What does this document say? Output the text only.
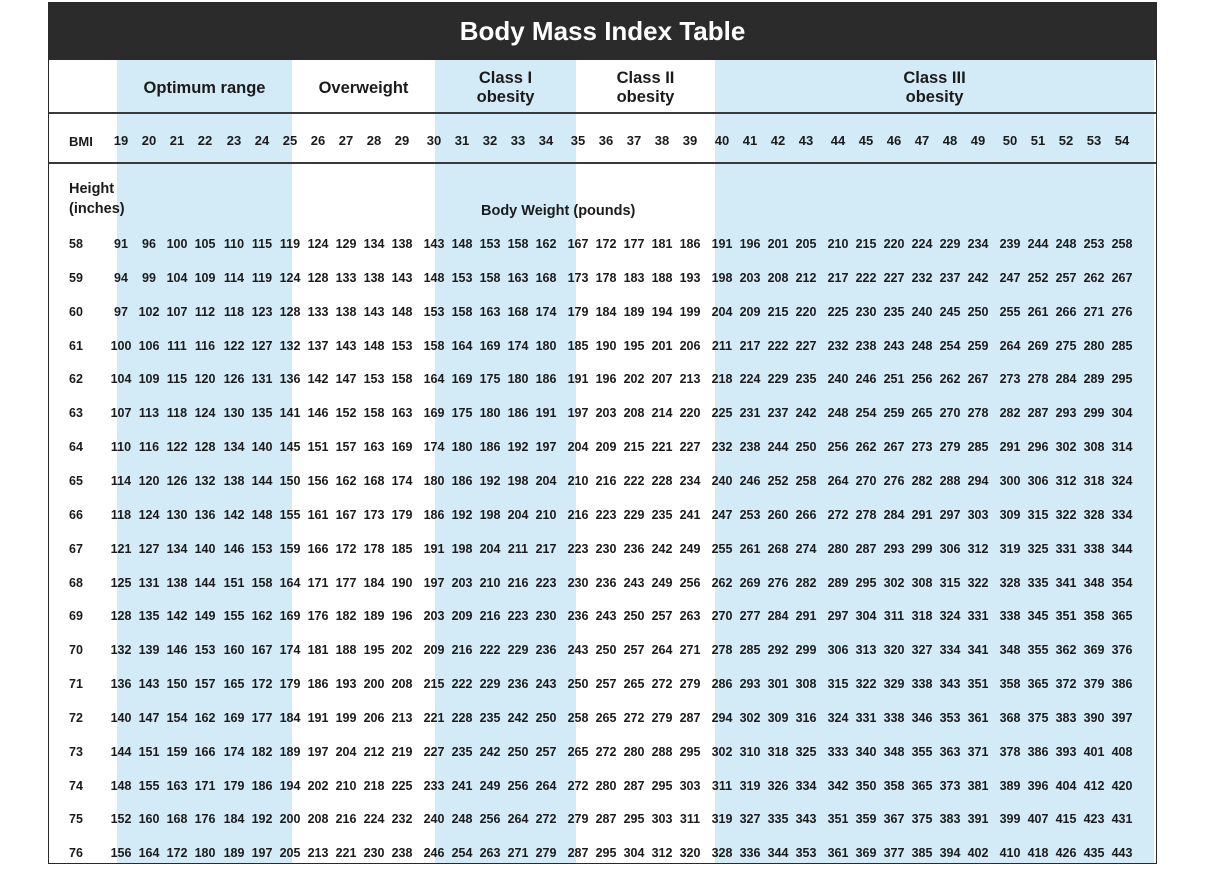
Body Mass Index Table
Optimum range	Overweight
Class I
obesity
Class II
obesity
Class III
obesity
BMI	19	20	21	22	23	24	25	26	27	28	29	30	31	32	33	34	35	36	37	38	39	40	41	42	43	44	45	46	47	48	49	50	51	52	53	54
Height
(inches)	Body Weight (pounds)
58	91	96 100 105 110 115 119 124 129 134 138 143 148 153 158 162 167 172 177 181 186 191 196 201 205 210 215 220 224 229 234 239 244 248 253 258
59	94	99 104 109 114 119 124 128 133 138 143 148 153 158 163 168 173 178 183 188 193 198 203 208 212 217 222 227 232 237 242 247 252 257 262 267
60	97 102 107 112 118 123 128 133 138 143 148 153 158 163 168 174 179 184 189 194 199 204 209 215 220 225 230 235 240 245 250 255 261 266 271 276
61	100 106 111 116 122 127 132 137 143 148 153 158 164 169 174 180 185 190 195 201 206 211 217 222 227 232 238 243 248 254 259 264 269 275 280 285
62	104 109 115 120 126 131 136 142 147 153 158 164 169 175 180 186 191 196 202 207 213 218 224 229 235 240 246 251 256 262 267 273 278 284 289 295
63	107 113 118 124 130 135 141 146 152 158 163 169 175 180 186 191 197 203 208 214 220 225 231 237 242 248 254 259 265 270 278 282 287 293 299 304
64	110 116 122 128 134 140 145 151 157 163 169 174 180 186 192 197 204 209 215 221 227 232 238 244 250 256 262 267 273 279 285 291 296 302 308 314
65	114 120 126 132 138 144 150 156 162 168 174 180 186 192 198 204 210 216 222 228 234 240 246 252 258 264 270 276 282 288 294 300 306 312 318 324
66	118 124 130 136 142 148 155 161 167 173 179 186 192 198 204 210 216 223 229 235 241 247 253 260 266 272 278 284 291 297 303 309 315 322 328 334
67	121 127 134 140 146 153 159 166 172 178 185 191 198 204 211 217 223 230 236 242 249 255 261 268 274 280 287 293 299 306 312 319 325 331 338 344
68	125 131 138 144 151 158 164 171 177 184 190 197 203 210 216 223 230 236 243 249 256 262 269 276 282 289 295 302 308 315 322 328 335 341 348 354
69	128 135 142 149 155 162 169 176 182 189 196 203 209 216 223 230 236 243 250 257 263 270 277 284 291 297 304 311 318 324 331 338 345 351 358 365
70	132 139 146 153 160 167 174 181 188 195 202 209 216 222 229 236 243 250 257 264 271 278 285 292 299 306 313 320 327 334 341 348 355 362 369 376
71	136 143 150 157 165 172 179 186 193 200 208 215 222 229 236 243 250 257 265 272 279 286 293 301 308 315 322 329 338 343 351 358 365 372 379 386
72	140 147 154 162 169 177 184 191 199 206 213 221 228 235 242 250 258 265 272 279 287 294 302 309 316 324 331 338 346 353 361 368 375 383 390 397
73	144 151 159 166 174 182 189 197 204 212 219 227 235 242 250 257 265 272 280 288 295 302 310 318 325 333 340 348 355 363 371 378 386 393 401 408
74	148 155 163 171 179 186 194 202 210 218 225 233 241 249 256 264 272 280 287 295 303 311 319 326 334 342 350 358 365 373 381 389 396 404 412 420
75	152 160 168 176 184 192 200 208 216 224 232 240 248 256 264 272 279 287 295 303 311 319 327 335 343 351 359 367 375 383 391 399 407 415 423 431
76	156 164 172 180 189 197 205 213 221 230 238 246 254 263 271 279 287 295 304 312 320 328 336 344 353 361 369 377 385 394 402 410 418 426 435 443
